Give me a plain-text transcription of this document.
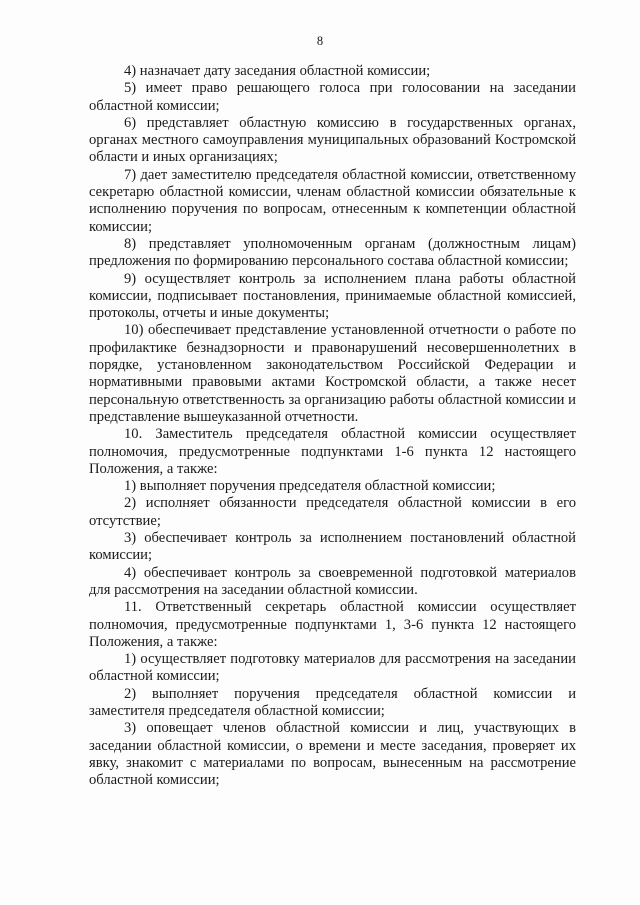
8

4) назначает дату заседания областной комиссии;

5) имеет право решающего голоса при голосовании на заседании областной комиссии;

6) представляет областную комиссию в государственных органах, органах местного самоуправления муниципальных образований Костромской области и иных организациях;

7) дает заместителю председателя областной комиссии, ответственному секретарю областной комиссии, членам областной комиссии обязательные к исполнению поручения по вопросам, отнесенным к компетенции областной комиссии;

8) представляет уполномоченным органам (должностным лицам) предложения по формированию персонального состава областной комиссии;

9) осуществляет контроль за исполнением плана работы областной комиссии, подписывает постановления, принимаемые областной комиссией, протоколы, отчеты и иные документы;

10) обеспечивает представление установленной отчетности о работе по профилактике безнадзорности и правонарушений несовершеннолетних в порядке, установленном законодательством Российской Федерации и нормативными правовыми актами Костромской области, а также несет персональную ответственность за организацию работы областной комиссии и представление вышеуказанной отчетности.

10. Заместитель председателя областной комиссии осуществляет полномочия, предусмотренные подпунктами 1-6 пункта 12 настоящего Положения, а также:

1) выполняет поручения председателя областной комиссии;

2) исполняет обязанности председателя областной комиссии в его отсутствие;

3) обеспечивает контроль за исполнением постановлений областной комиссии;

4) обеспечивает контроль за своевременной подготовкой материалов для рассмотрения на заседании областной комиссии.

11. Ответственный секретарь областной комиссии осуществляет полномочия, предусмотренные подпунктами 1, 3-6 пункта 12 настоящего Положения, а также:

1) осуществляет подготовку материалов для рассмотрения на заседании областной комиссии;

2) выполняет поручения председателя областной комиссии и заместителя председателя областной комиссии;

3) оповещает членов областной комиссии и лиц, участвующих в заседании областной комиссии, о времени и месте заседания, проверяет их явку, знакомит с материалами по вопросам, вынесенным на рассмотрение областной комиссии;
